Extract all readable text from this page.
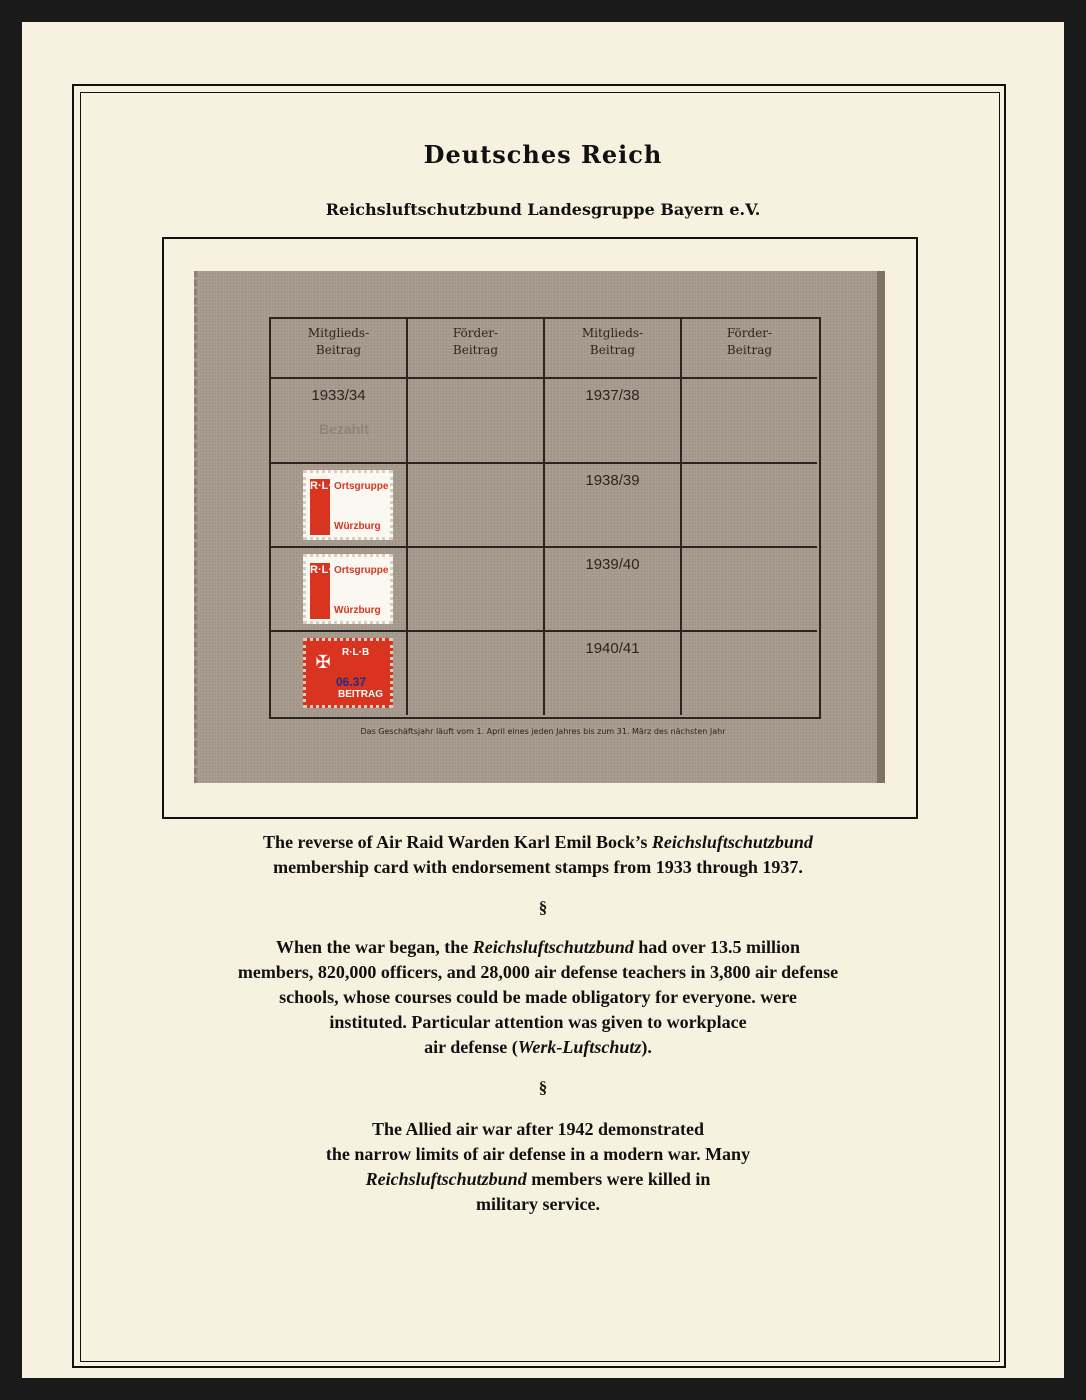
Deutsches Reich
Reichsluftschutzbund Landesgruppe Bayern e.V.
Mitglieds-
Beitrag
Förder-
Beitrag
Mitglieds-
Beitrag
Förder-
Beitrag
1933/34
Bezahlt
1937/38
R·L·B
Ortsgruppe
Würzburg
1938/39
R·L·B
Ortsgruppe
Würzburg
1939/40
✠	R·L·B
06.37
BEITRAG
1940/41
Das Geschäftsjahr läuft vom 1. April eines jeden Jahres bis zum 31. März des nächsten Jahr
The reverse of Air Raid Warden Karl Emil Bock’s Reichsluftschutzbund
membership card with endorsement stamps from 1933 through 1937.
§
When the war began, the Reichsluftschutzbund had over 13.5 million
members, 820,000 officers, and 28,000 air defense teachers in 3,800 air defense
schools, whose courses could be made obligatory for everyone. were
instituted. Particular attention was given to workplace
air defense (Werk-Luftschutz).
§
The Allied air war after 1942 demonstrated
the narrow limits of air defense in a modern war. Many
Reichsluftschutzbund members were killed in
military service.
